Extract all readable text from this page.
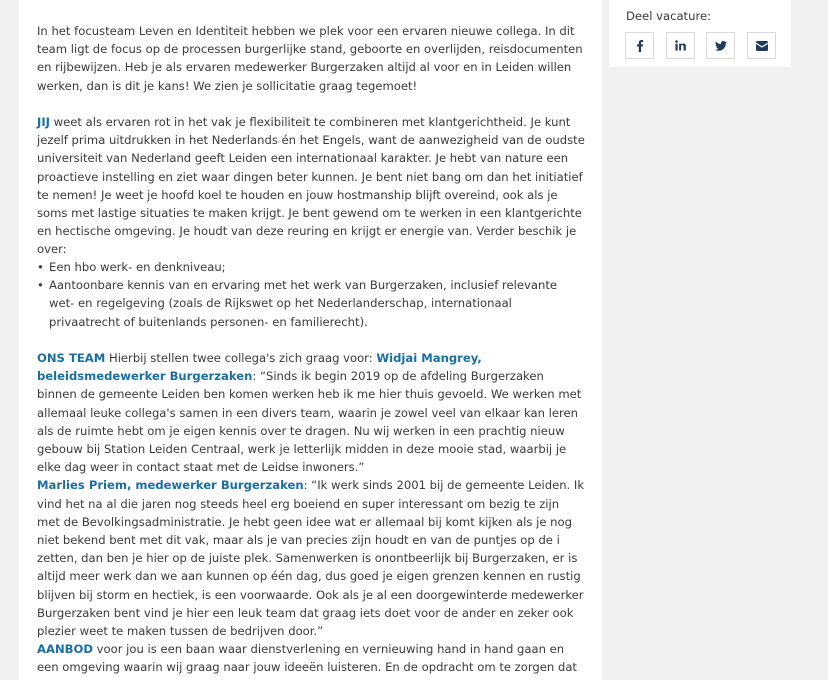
In het focusteam Leven en Identiteit hebben we plek voor een ervaren nieuwe collega. In dit team ligt de focus op de processen burgerlijke stand, geboorte en overlijden, reisdocumenten en rijbewijzen. Heb je als ervaren medewerker Burgerzaken altijd al voor en in Leiden willen werken, dan is dit je kans! We zien je sollicitatie graag tegemoet!

JIJ weet als ervaren rot in het vak je flexibiliteit te combineren met klantgerichtheid. Je kunt jezelf prima uitdrukken in het Nederlands én het Engels, want de aanwezigheid van de oudste universiteit van Nederland geeft Leiden een internationaal karakter. Je hebt van nature een proactieve instelling en ziet waar dingen beter kunnen. Je bent niet bang om dan het initiatief te nemen! Je weet je hoofd koel te houden en jouw hostmanship blijft overeind, ook als je soms met lastige situaties te maken krijgt. Je bent gewend om te werken in een klantgerichte en hectische omgeving. Je houdt van deze reuring en krijgt er energie van. Verder beschik je over:

• Een hbo werk- en denkniveau;
• Aantoonbare kennis van en ervaring met het werk van Burgerzaken, inclusief relevante wet- en regelgeving (zoals de Rijkswet op het Nederlanderschap, internationaal privaatrecht of buitenlands personen- en familierecht).

ONS TEAM Hierbij stellen twee collega's zich graag voor: Widjai Mangrey, beleidsmedewerker Burgerzaken: “Sinds ik begin 2019 op de afdeling Burgerzaken binnen de gemeente Leiden ben komen werken heb ik me hier thuis gevoeld. We werken met allemaal leuke collega's samen in een divers team, waarin je zowel veel van elkaar kan leren als de ruimte hebt om je eigen kennis over te dragen. Nu wij werken in een prachtig nieuw gebouw bij Station Leiden Centraal, werk je letterlijk midden in deze mooie stad, waarbij je elke dag weer in contact staat met de Leidse inwoners.”
Marlies Priem, medewerker Burgerzaken: “Ik werk sinds 2001 bij de gemeente Leiden. Ik vind het na al die jaren nog steeds heel erg boeiend en super interessant om bezig te zijn met de Bevolkingsadministratie. Je hebt geen idee wat er allemaal bij komt kijken als je nog niet bekend bent met dit vak, maar als je van precies zijn houdt en van de puntjes op de i zetten, dan ben je hier op de juiste plek. Samenwerken is onontbeerlijk bij Burgerzaken, er is altijd meer werk dan we aan kunnen op één dag, dus goed je eigen grenzen kennen en rustig blijven bij storm en hectiek, is een voorwaarde. Ook als je al een doorgewinterde medewerker Burgerzaken bent vind je hier een leuk team dat graag iets doet voor de ander en zeker ook plezier weet te maken tussen de bedrijven door.”

AANBOD voor jou is een baan waar dienstverlening en vernieuwing hand in hand gaan en een omgeving waarin wij graag naar jouw ideeën luisteren. En de opdracht om te zorgen dat

Deel vacature:
